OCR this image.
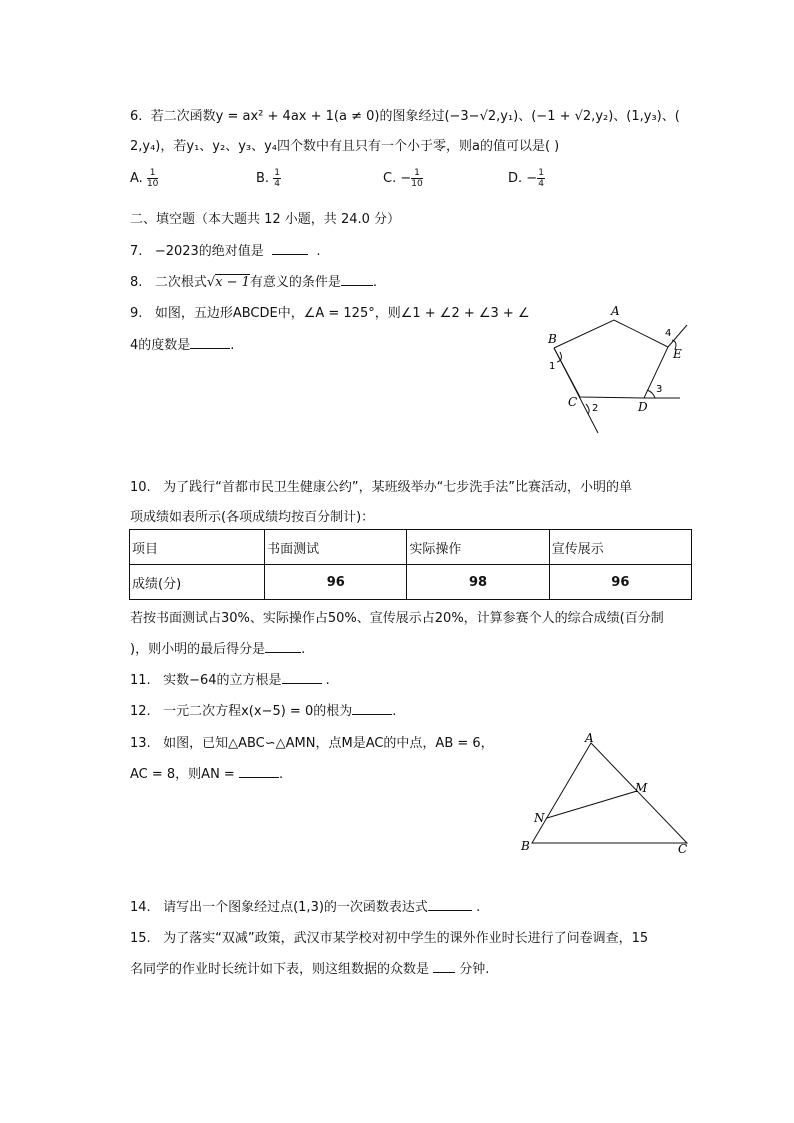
6. 若二次函数y = ax² + 4ax + 1(a ≠ 0)的图象经过(−3−√2,y₁)、(−1 + √2,y₂)、(1,y₃)、(
2,y₄)，若y₁、y₂、y₃、y₄四个数中有且只有一个小于零，则a的值可以是( )
A. $\frac{1}{10}$	B. $\frac{1}{4}$	C. − $\frac{1}{10}$	D. − $\frac{1}{4}$
二、填空题（本大题共 12 小题，共 24.0 分）
7. −2023的绝对值是	.
8. 二次根式√x − 1有意义的条件是 .
9. 如图，五边形ABCDE中，∠A = 125°，则∠1 + ∠2 + ∠3 + ∠
4的度数是	.
A
B
C	D
E
1
2
3
4
10. 为了践行“首都市民卫生健康公约”，某班级举办“七步洗手法”比赛活动，小明的单
项成绩如表所示(各项成绩均按百分制计)：
项目	书面测试	实际操作	宣传展示
成绩(分)	96	98	96
若按书面测试占30%、实际操作占50%、宣传展示占20%，计算参赛个人的综合成绩(百分制
)，则小明的最后得分是	.
11. 实数−64的立方根是	.
12. 一元二次方程x(x−5) = 0的根为	.
13. 如图，已知△ABC∽△AMN，点M是AC的中点，AB = 6，
AC = 8，则AN =	.
A
B	C
M
N
14. 请写出一个图象经过点(1,3)的一次函数表达式	.
15. 为了落实“双减”政策，武汉市某学校对初中学生的课外作业时长进行了问卷调查，15
名同学的作业时长统计如下表，则这组数据的众数是 分钟.
